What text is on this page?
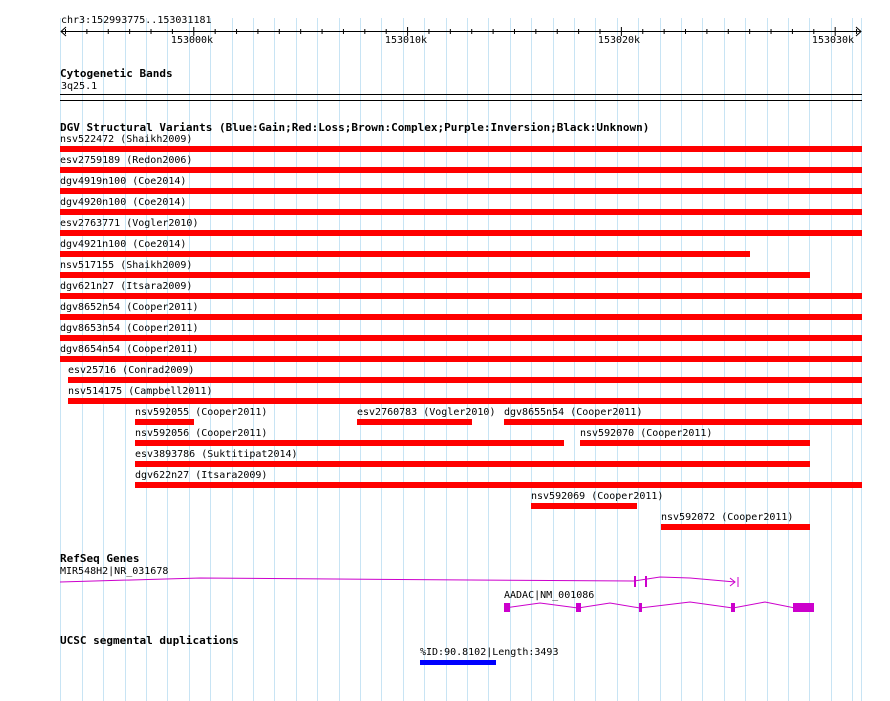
chr3:152993775..153031181
153000k	153010k	153020k	153030k
Cytogenetic Bands
3q25.1
DGV Structural Variants (Blue:Gain;Red:Loss;Brown:Complex;Purple:Inversion;Black:Unknown)
nsv522472 (Shaikh2009)
esv2759189 (Redon2006)
dgv4919n100 (Coe2014)
dgv4920n100 (Coe2014)
esv2763771 (Vogler2010)
dgv4921n100 (Coe2014)
nsv517155 (Shaikh2009)
dgv621n27 (Itsara2009)
dgv8652n54 (Cooper2011)
dgv8653n54 (Cooper2011)
dgv8654n54 (Cooper2011)
esv25716 (Conrad2009)
nsv514175 (Campbell2011)
nsv592055 (Cooper2011)	esv2760783 (Vogler2010) dgv8655n54 (Cooper2011)
nsv592056 (Cooper2011)	nsv592070 (Cooper2011)
esv3893786 (Suktitipat2014)
dgv622n27 (Itsara2009)
nsv592069 (Cooper2011)
nsv592072 (Cooper2011)
RefSeq Genes
MIR548H2|NR_031678
AADAC|NM_001086
UCSC segmental duplications
%ID:90.8102|Length:3493
